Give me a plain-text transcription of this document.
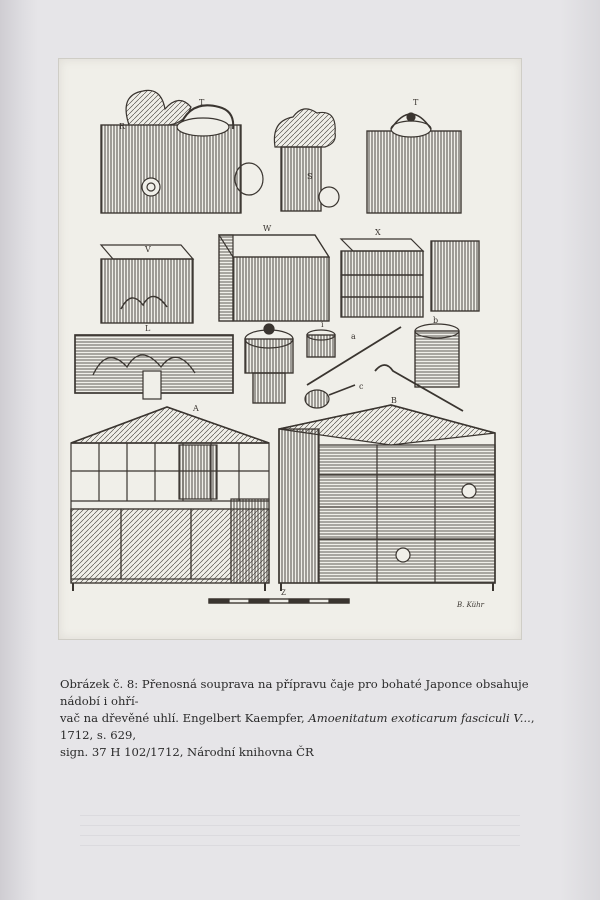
T
R
S
T
V
W	X
L	i
a
c
b
A
B
Z
B. Kühr

Obrázek č. 8: Přenosná souprava na přípravu čaje pro bohaté Japonce obsahuje nádobí i ohří-

vač na dřevěné uhlí. Engelbert Kaempfer, Amoenitatum exoticarum fasciculi V..., 1712, s. 629,

sign. 37 H 102/1712, Národní knihovna ČR
